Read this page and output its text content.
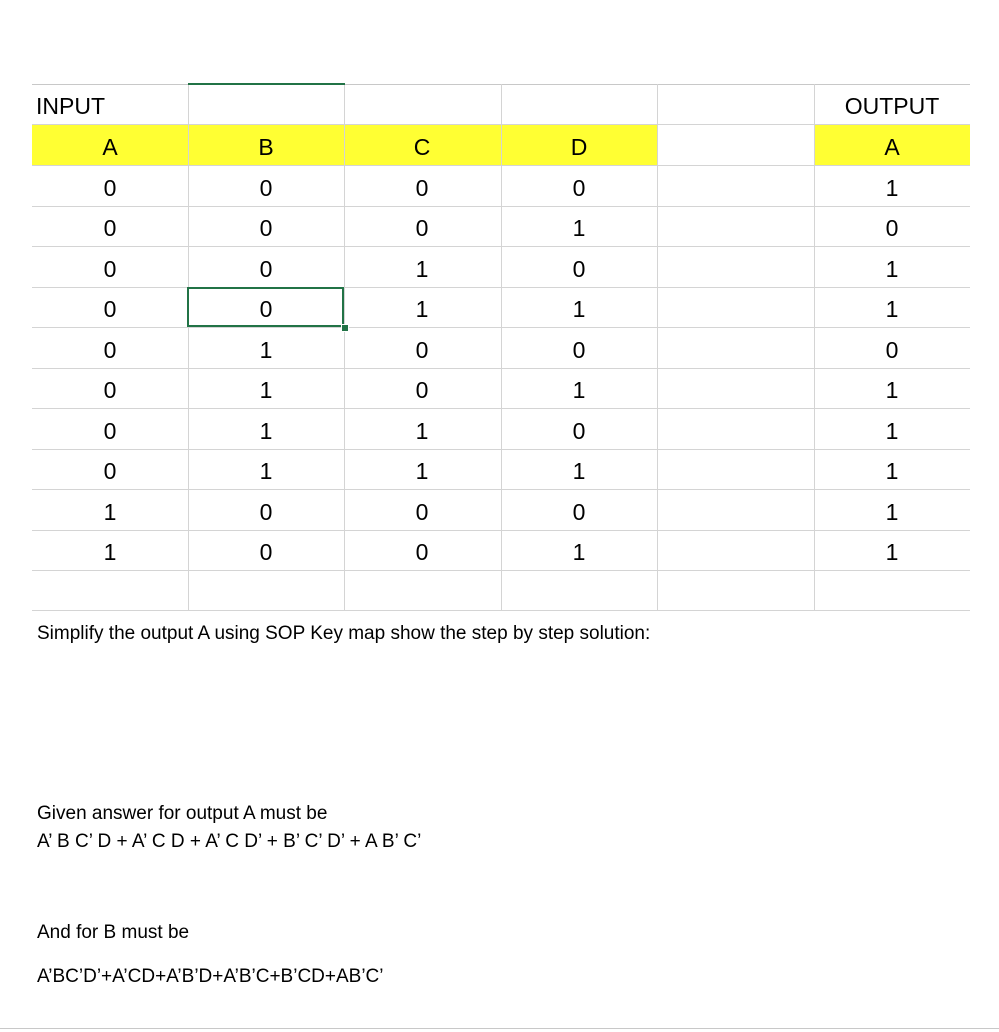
INPUT	OUTPUT
A	B	C	D	A
0	0	0	0	1
0	0	0	1	0
0	0	1	0	1
0	0	1	1	1
0	1	0	0	0
0	1	0	1	1
0	1	1	0	1
0	1	1	1	1
1	0	0	0	1
1	0	0	1	1
Simplify the output A using SOP Key map show the step by step solution:
Given answer for output A must be
A’ B C’ D + A’ C D + A’ C D’ + B’ C’ D’ + A B’ C’
And for B must be
A’BC’D’+A’CD+A’B’D+A’B’C+B’CD+AB’C’
